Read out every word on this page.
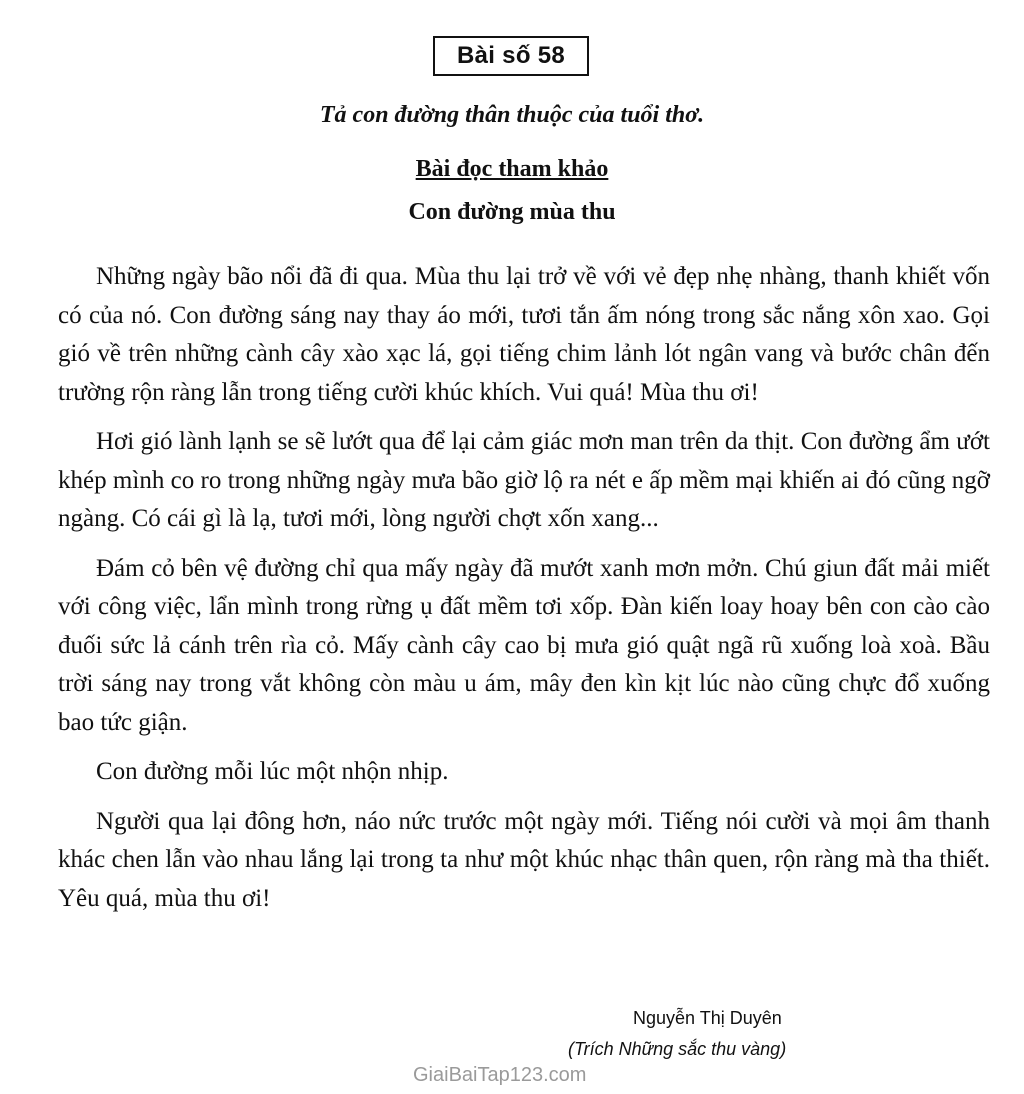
Bài số 58
Tả con đường thân thuộc của tuổi thơ.
Bài đọc tham khảo
Con đường mùa thu

Những ngày bão nổi đã đi qua. Mùa thu lại trở về với vẻ đẹp nhẹ nhàng, thanh khiết vốn có của nó. Con đường sáng nay thay áo mới, tươi tắn ấm nóng trong sắc nắng xôn xao. Gọi gió về trên những cành cây xào xạc lá, gọi tiếng chim lảnh lót ngân vang và bước chân đến trường rộn ràng lẫn trong tiếng cười khúc khích. Vui quá! Mùa thu ơi!

Hơi gió lành lạnh se sẽ lướt qua để lại cảm giác mơn man trên da thịt. Con đường ẩm ướt khép mình co ro trong những ngày mưa bão giờ lộ ra nét e ấp mềm mại khiến ai đó cũng ngỡ ngàng. Có cái gì là lạ, tươi mới, lòng người chợt xốn xang...

Đám cỏ bên vệ đường chỉ qua mấy ngày đã mướt xanh mơn mởn. Chú giun đất mải miết với công việc, lẩn mình trong rừng ụ đất mềm tơi xốp. Đàn kiến loay hoay bên con cào cào đuối sức lả cánh trên rìa cỏ. Mấy cành cây cao bị mưa gió quật ngã rũ xuống loà xoà. Bầu trời sáng nay trong vắt không còn màu u ám, mây đen kìn kịt lúc nào cũng chực đổ xuống bao tức giận.

Con đường mỗi lúc một nhộn nhịp.

Người qua lại đông hơn, náo nức trước một ngày mới. Tiếng nói cười và mọi âm thanh khác chen lẫn vào nhau lắng lại trong ta như một khúc nhạc thân quen, rộn ràng mà tha thiết. Yêu quá, mùa thu ơi!

Nguyễn Thị Duyên
(Trích Những sắc thu vàng)
GiaiBaiTap123.com
